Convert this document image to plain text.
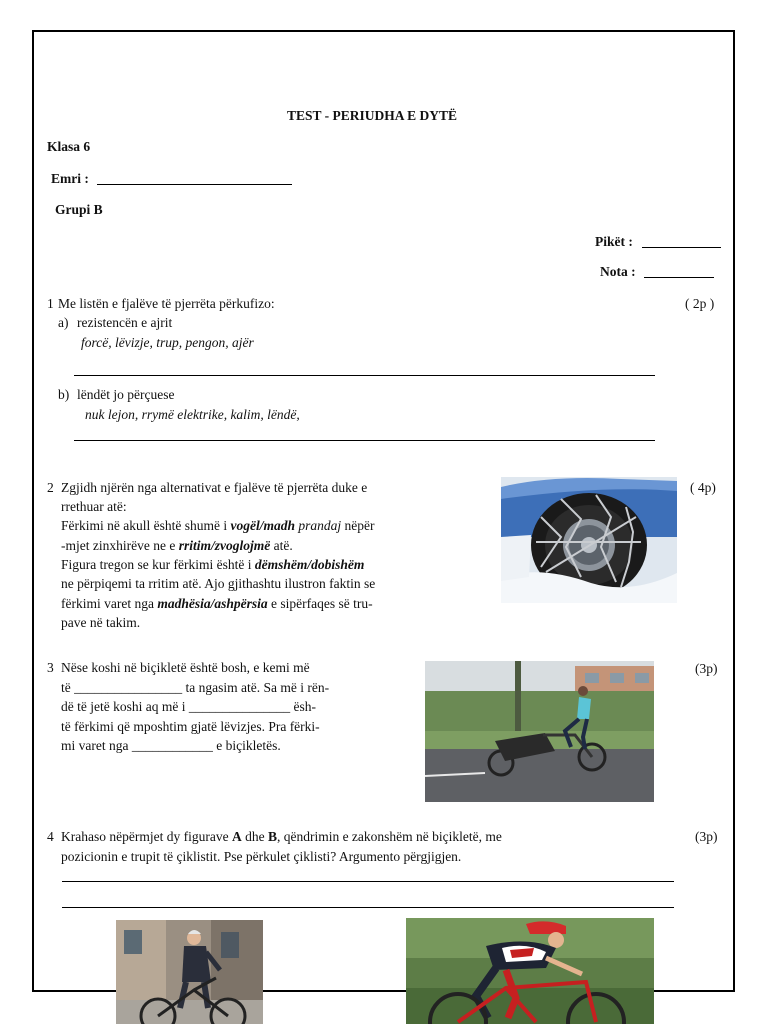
TEST - PERIUDHA E DYTË
Klasa 6
Emri :
Grupi B
Pikët :
Nota :
1 Me listën e fjalëve të pjerrëta përkufizo:	( 2p )
a) rezistencën e ajrit
forcë, lëvizje, trup, pengon, ajër
b) lëndët jo përçuese
nuk lejon, rrymë elektrike, kalim, lëndë,
2 Zgjidh njërën nga alternativat e fjalëve të pjerrëta duke e
rrethuar atë:
Fërkimi në akull është shumë i vogël/madh prandaj nëpër
-mjet zinxhirëve ne e rritim/zvoglojmë atë.
Figura tregon se kur fërkimi është i dëmshëm/dobishëm
ne përpiqemi ta rritim atë. Ajo gjithashtu ilustron faktin se
fërkimi varet nga madhësia/ashpërsia e sipërfaqes së tru-
pave në takim.
( 4p)
3 Nëse koshi në biçikletë është bosh, e kemi më
të ________________ ta ngasim atë. Sa më i rën-
dë të jetë koshi aq më i _______________ ësh-
të fërkimi që mposhtim gjatë lëvizjes. Pra fërki-
mi varet nga ____________ e biçikletës.
(3p)
4 Krahaso nëpërmjet dy figurave A dhe B, qëndrimin e zakonshëm në biçikletë, me
pozicionin e trupit të çiklistit. Pse përkulet çiklisti? Argumento përgjigjen.
(3p)
